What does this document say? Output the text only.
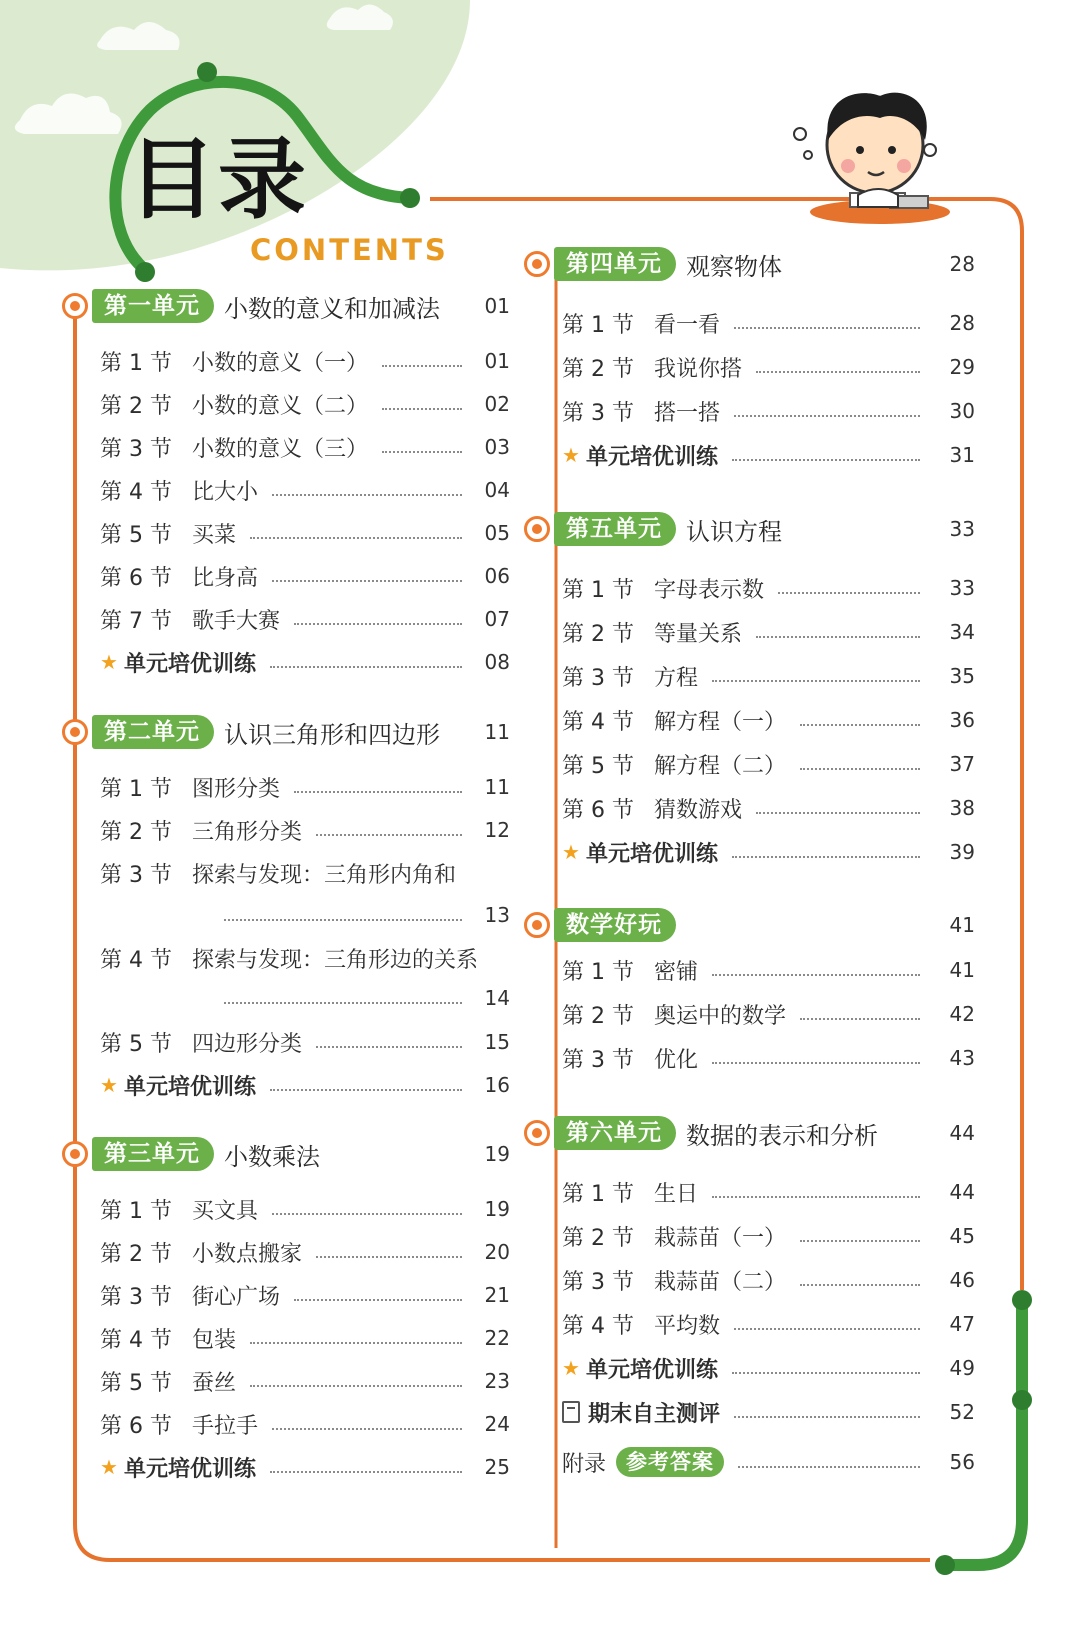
目录
CONTENTS
第一单元	小数的意义和加减法	01
第 1 节 小数的意义（一）	01
第 2 节 小数的意义（二）	02
第 3 节 小数的意义（三）	03
第 4 节 比大小	04
第 5 节 买菜	05
第 6 节 比身高	06
第 7 节 歌手大赛	07
★ 单元培优训练	08
第二单元	认识三角形和四边形	11
第 1 节 图形分类	11
第 2 节 三角形分类	12
第 3 节 探索与发现：三角形内角和
13
第 4 节 探索与发现：三角形边的关系
14
第 5 节 四边形分类	15
★ 单元培优训练	16
第三单元	小数乘法	19
第 1 节 买文具	19
第 2 节 小数点搬家	20
第 3 节 街心广场	21
第 4 节 包装	22
第 5 节 蚕丝	23
第 6 节 手拉手	24
★ 单元培优训练	25
第四单元	观察物体	28
第 1 节 看一看	28
第 2 节 我说你搭	29
第 3 节 搭一搭	30
★ 单元培优训练	31
第五单元	认识方程	33
第 1 节 字母表示数	33
第 2 节 等量关系	34
第 3 节 方程	35
第 4 节 解方程（一）	36
第 5 节 解方程（二）	37
第 6 节 猜数游戏	38
★ 单元培优训练	39
数学好玩	41
第 1 节 密铺	41
第 2 节 奥运中的数学	42
第 3 节 优化	43
第六单元	数据的表示和分析	44
第 1 节 生日	44
第 2 节 栽蒜苗（一）	45
第 3 节 栽蒜苗（二）	46
第 4 节 平均数	47
★ 单元培优训练	49
期末自主测评	52
附录 参考答案	56
